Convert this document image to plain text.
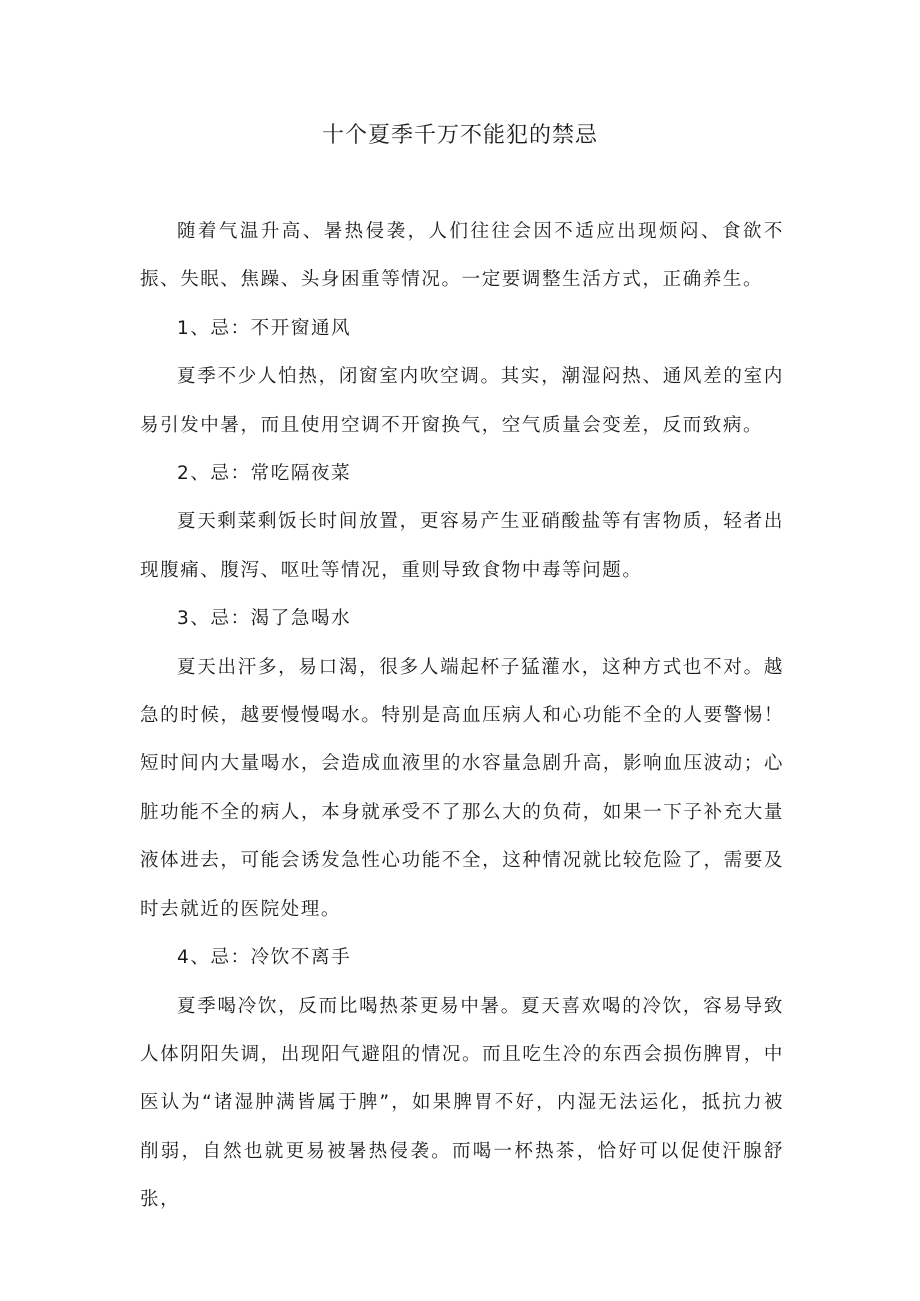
十个夏季千万不能犯的禁忌

随着气温升高、暑热侵袭，人们往往会因不适应出现烦闷、食欲不振、失眠、焦躁、头身困重等情况。一定要调整生活方式，正确养生。

1、忌：不开窗通风

夏季不少人怕热，闭窗室内吹空调。其实，潮湿闷热、通风差的室内易引发中暑，而且使用空调不开窗换气，空气质量会变差，反而致病。

2、忌：常吃隔夜菜

夏天剩菜剩饭长时间放置，更容易产生亚硝酸盐等有害物质，轻者出现腹痛、腹泻、呕吐等情况，重则导致食物中毒等问题。

3、忌：渴了急喝水

夏天出汗多，易口渴，很多人端起杯子猛灌水，这种方式也不对。越急的时候，越要慢慢喝水。特别是高血压病人和心功能不全的人要警惕！短时间内大量喝水，会造成血液里的水容量急剧升高，影响血压波动；心脏功能不全的病人，本身就承受不了那么大的负荷，如果一下子补充大量液体进去，可能会诱发急性心功能不全，这种情况就比较危险了，需要及时去就近的医院处理。

4、忌：冷饮不离手

夏季喝冷饮，反而比喝热茶更易中暑。夏天喜欢喝的冷饮，容易导致人体阴阳失调，出现阳气避阻的情况。而且吃生冷的东西会损伤脾胃，中医认为“诸湿肿满皆属于脾”，如果脾胃不好，内湿无法运化，抵抗力被削弱，自然也就更易被暑热侵袭。而喝一杯热茶，恰好可以促使汗腺舒张，
